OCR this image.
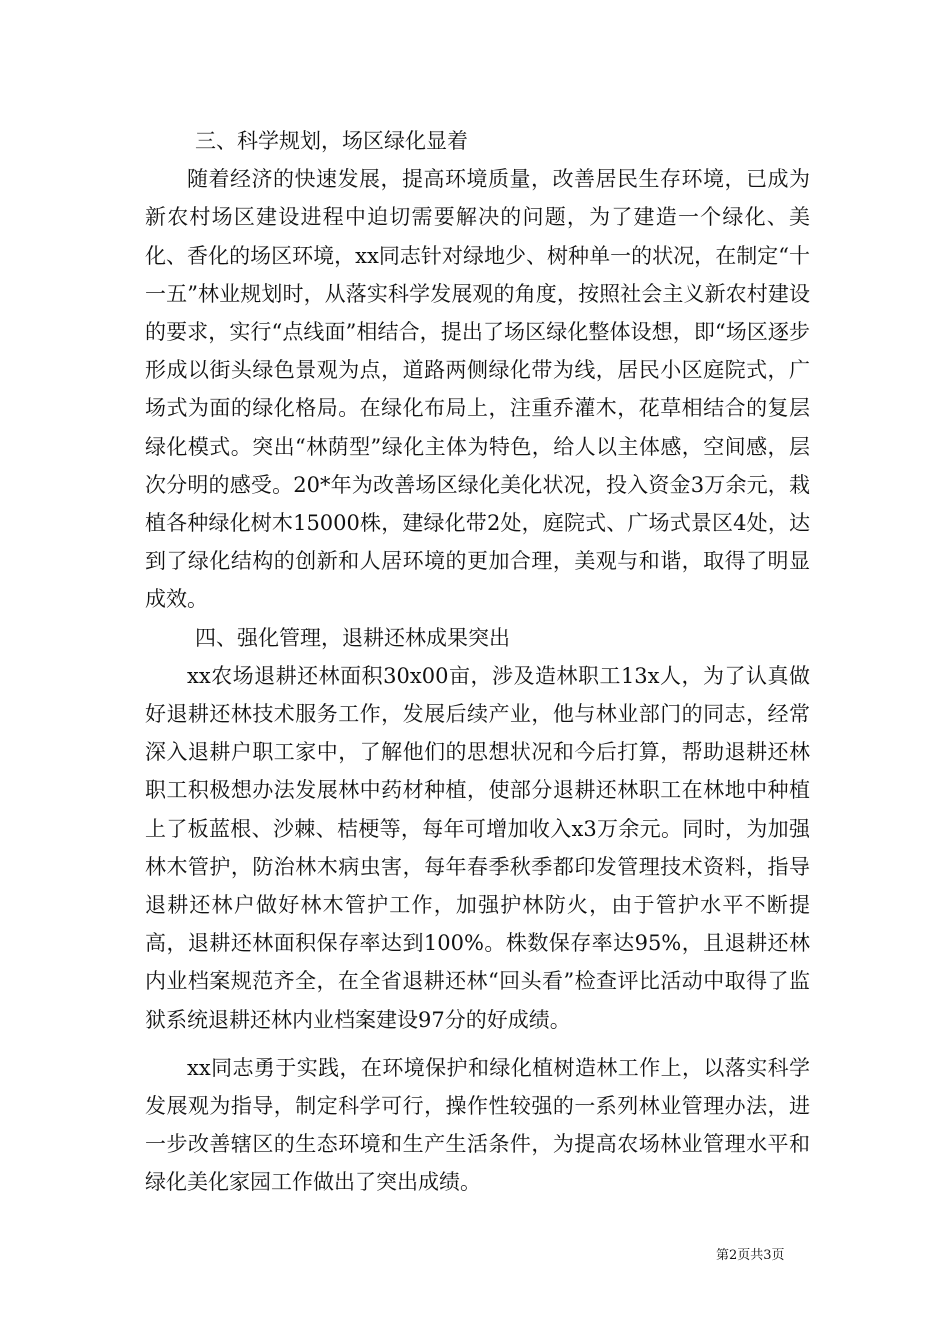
三、科学规划，场区绿化显着

随着经济的快速发展，提高环境质量，改善居民生存环境，已成为新农村场区建设进程中迫切需要解决的问题，为了建造一个绿化、美化、香化的场区环境，xx同志针对绿地少、树种单一的状况，在制定“十一五”林业规划时，从落实科学发展观的角度，按照社会主义新农村建设的要求，实行“点线面”相结合，提出了场区绿化整体设想，即“场区逐步形成以街头绿色景观为点，道路两侧绿化带为线，居民小区庭院式，广场式为面的绿化格局。在绿化布局上，注重乔灌木，花草相结合的复层绿化模式。突出“林荫型”绿化主体为特色，给人以主体感，空间感，层次分明的感受。20*年为改善场区绿化美化状况，投入资金3万余元，栽植各种绿化树木15000株，建绿化带2处，庭院式、广场式景区4处，达到了绿化结构的创新和人居环境的更加合理，美观与和谐，取得了明显成效。

四、强化管理，退耕还林成果突出

xx农场退耕还林面积30x00亩，涉及造林职工13x人，为了认真做好退耕还林技术服务工作，发展后续产业，他与林业部门的同志，经常深入退耕户职工家中，了解他们的思想状况和今后打算，帮助退耕还林职工积极想办法发展林中药材种植，使部分退耕还林职工在林地中种植上了板蓝根、沙棘、桔梗等，每年可增加收入x3万余元。同时，为加强林木管护，防治林木病虫害，每年春季秋季都印发管理技术资料，指导退耕还林户做好林木管护工作，加强护林防火，由于管护水平不断提高，退耕还林面积保存率达到100%。株数保存率达95%，且退耕还林内业档案规范齐全，在全省退耕还林“回头看”检查评比活动中取得了监狱系统退耕还林内业档案建设97分的好成绩。

xx同志勇于实践，在环境保护和绿化植树造林工作上，以落实科学发展观为指导，制定科学可行，操作性较强的一系列林业管理办法，进一步改善辖区的生态环境和生产生活条件，为提高农场林业管理水平和绿化美化家园工作做出了突出成绩。

第2页共3页
